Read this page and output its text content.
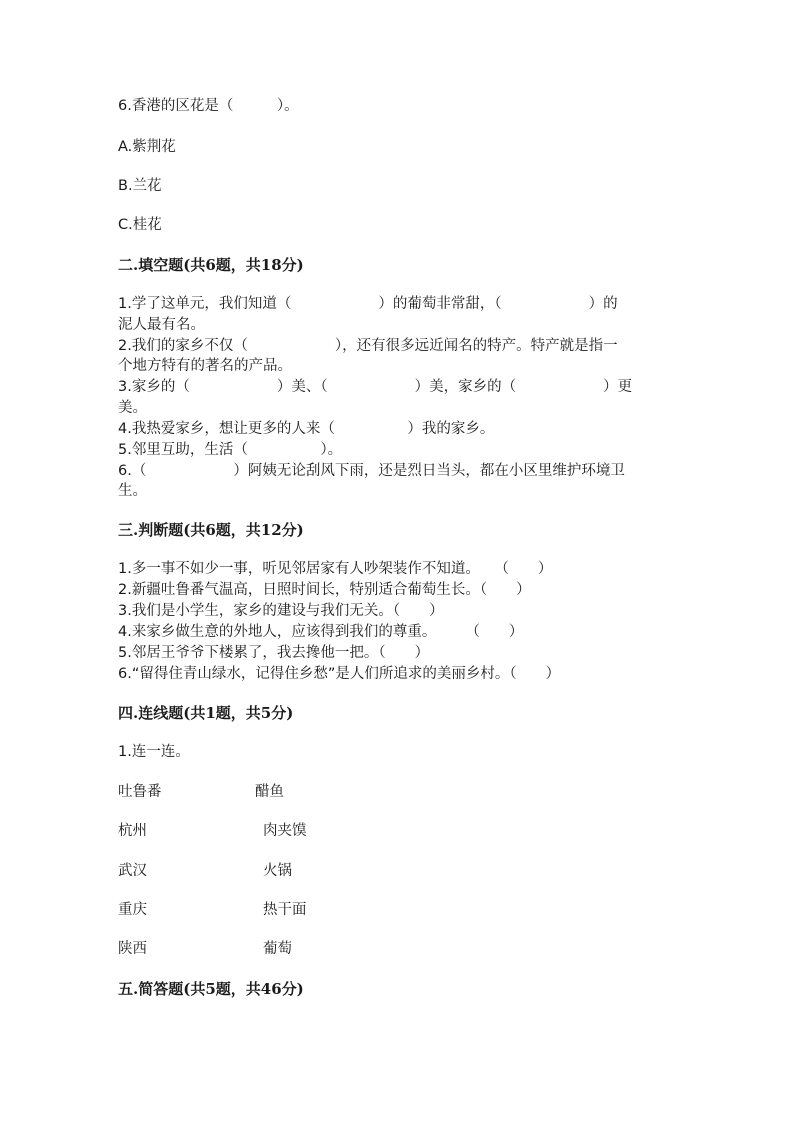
6.香港的区花是（　　　）。
A.紫荆花
B.兰花
C.桂花
二.填空题(共6题，共18分)
1.学了这单元，我们知道（　　　　　　）的葡萄非常甜，（　　　　　　）的
泥人最有名。
2.我们的家乡不仅（　　　　　　），还有很多远近闻名的特产。特产就是指一
个地方特有的著名的产品。
3.家乡的（　　　　　　）美、（　　　　　　）美，家乡的（　　　　　　）更
美。
4.我热爱家乡，想让更多的人来（　　　　　）我的家乡。
5.邻里互助，生活（　　　　　）。
6.（　　　　　　）阿姨无论刮风下雨，还是烈日当头，都在小区里维护环境卫
生。
三.判断题(共6题，共12分)
1.多一事不如少一事，听见邻居家有人吵架装作不知道。　　（　　）
2.新疆吐鲁番气温高，日照时间长，特别适合葡萄生长。（　　）
3.我们是小学生，家乡的建设与我们无关。（　　）
4.来家乡做生意的外地人，应该得到我们的尊重。　　　（　　）
5.邻居王爷爷下楼累了，我去搀他一把。（　　）
6.“留得住青山绿水，记得住乡愁”是人们所追求的美丽乡村。（　　）
四.连线题(共1题，共5分)
1.连一连。
吐鲁番	醋鱼
杭州	肉夹馍
武汉	火锅
重庆	热干面
陕西	葡萄
五.简答题(共5题，共46分)
